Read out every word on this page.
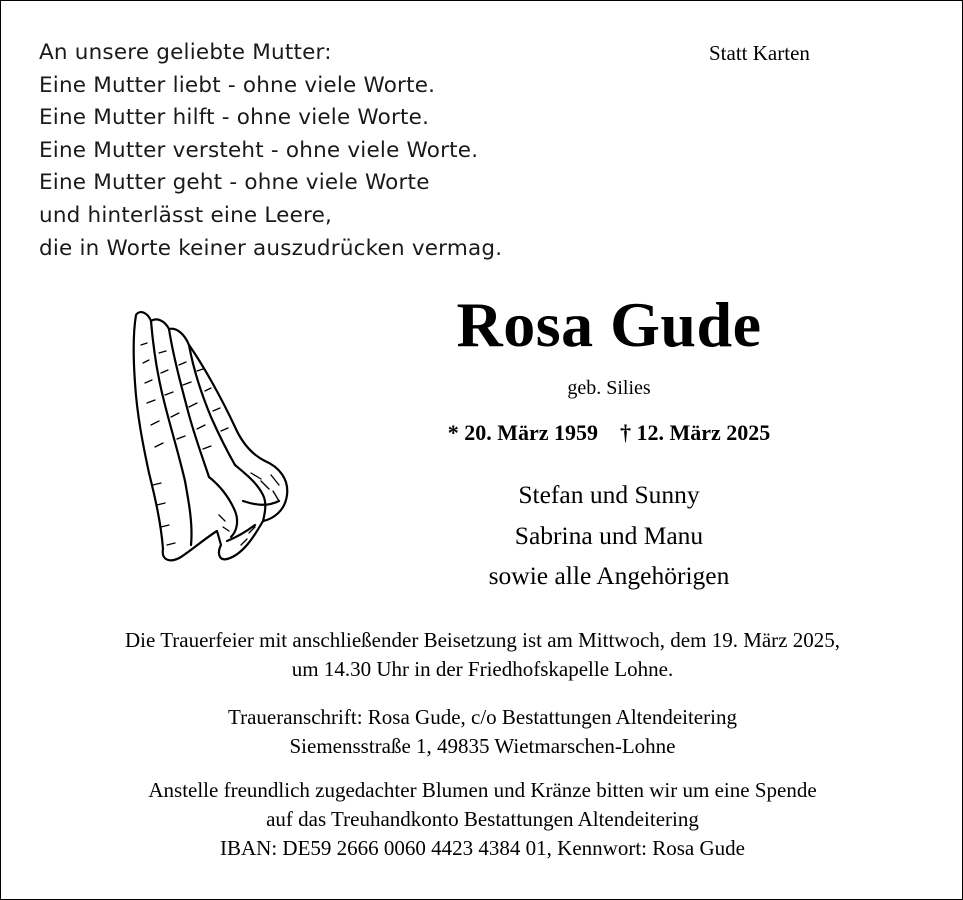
An unsere geliebte Mutter:
Eine Mutter liebt - ohne viele Worte.
Eine Mutter hilft - ohne viele Worte.
Eine Mutter versteht - ohne viele Worte.
Eine Mutter geht - ohne viele Worte
und hinterlässt eine Leere,
die in Worte keiner auszudrücken vermag.
Statt Karten
Rosa Gude
geb. Silies
* 20. März 1959 † 12. März 2025
Stefan und Sunny
Sabrina und Manu
sowie alle Angehörigen
Die Trauerfeier mit anschließender Beisetzung ist am Mittwoch, dem 19. März 2025,
um 14.30 Uhr in der Friedhofskapelle Lohne.
Traueranschrift: Rosa Gude, c/o Bestattungen Altendeitering
Siemensstraße 1, 49835 Wietmarschen-Lohne
Anstelle freundlich zugedachter Blumen und Kränze bitten wir um eine Spende
auf das Treuhandkonto Bestattungen Altendeitering
IBAN: DE59 2666 0060 4423 4384 01, Kennwort: Rosa Gude
